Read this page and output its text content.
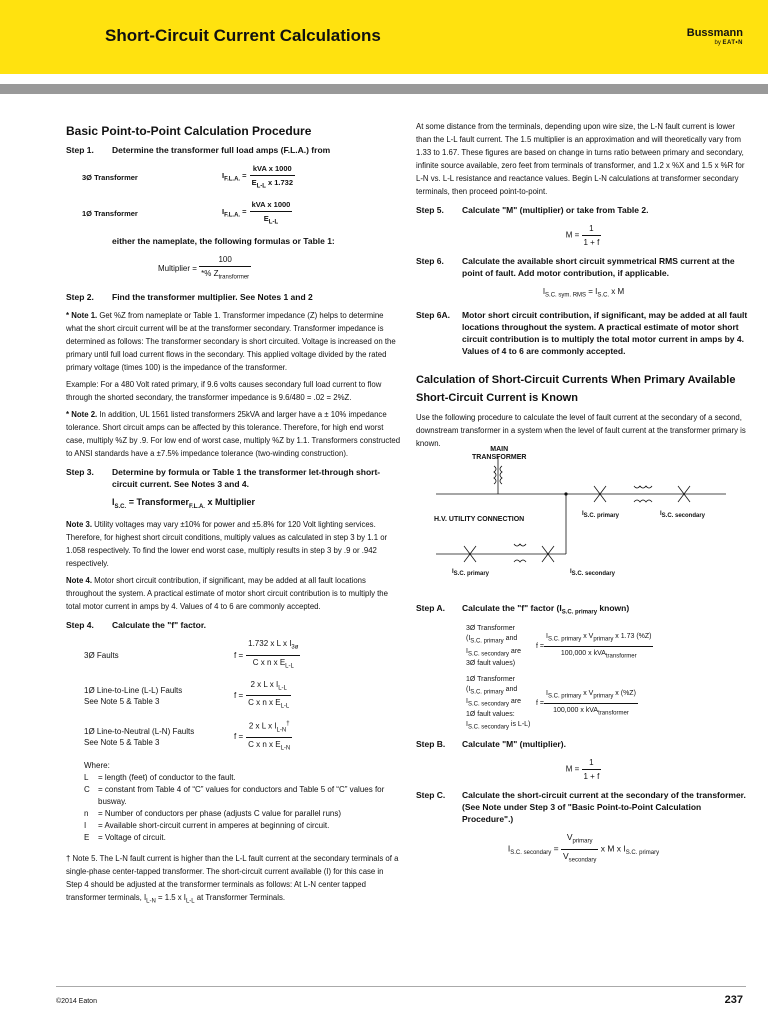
Short-Circuit Current Calculations	Bussmann
by EAT•N
Basic Point-to-Point Calculation Procedure
Step 1.	Determine the transformer full load amps (F.L.A.) from
3Ø Transformer	$I_{F.L.A.} = \frac{\text{kVA x 1000}}{E_{L-L} x 1.732}$
1Ø Transformer	$I_{F.L.A.} = \frac{\text{kVA x 1000}}{E_{L-L}}$
either the nameplate, the following formulas or Table 1:
Multiplier = $\frac{100}{*\% Z_{transformer}}$
Step 2.	Find the transformer multiplier. See Notes 1 and 2
* Note 1. Get %Z from nameplate or Table 1. Transformer impedance (Z) helps to determine what the short circuit current will be at the transformer secondary. Transformer impedance is determined as follows: The transformer secondary is short circuited. Voltage is increased on the primary until full load current flows in the secondary. This applied voltage divided by the rated primary voltage (times 100) is the impedance of the transformer.
Example: For a 480 Volt rated primary, if 9.6 volts causes secondary full load current to flow through the shorted secondary, the transformer impedance is 9.6/480 = .02 = 2%Z.
* Note 2. In addition, UL 1561 listed transformers 25kVA and larger have a ± 10% impedance tolerance. Short circuit amps can be affected by this tolerance. Therefore, for high end worst case, multiply %Z by .9. For low end of worst case, multiply %Z by 1.1. Transformers constructed to ANSI standards have a ±7.5% impedance tolerance (two-winding construction).
Step 3.	Determine by formula or Table 1 the transformer let-through short-circuit current. See Notes 3 and 4.
$I_{S.C.}$ = Transformer$_{F.L.A.}$ x Multiplier
Note 3. Utility voltages may vary ±10% for power and ±5.8% for 120 Volt lighting services. Therefore, for highest short circuit conditions, multiply values as calculated in step 3 by 1.1 or 1.058 respectively. To find the lower end worst case, multiply results in step 3 by .9 or .942 respectively.
Note 4. Motor short circuit contribution, if significant, may be added at all fault locations throughout the system. A practical estimate of motor short circuit contribution is to multiply the total motor current in amps by 4. Values of 4 to 6 are commonly accepted.
Step 4.	Calculate the "f" factor.
3Ø Faults	$f = \frac{1.732 x L x I_{3ø}}{C x n x E_{L-L}}$
1Ø Line-to-Line (L-L) Faults
See Note 5 & Table 3
$f = \frac{2 x L x I_{L-L}}{C x n x E_{L-L}}$
1Ø Line-to-Neutral (L-N) Faults
See Note 5 & Table 3
$f = \frac{2 x L x I_{L-N}^\dagger}{C x n x E_{L-N}}$
Where:
L	= length (feet) of conductor to the fault.
C	= constant from Table 4 of “C” values for conductors and Table 5 of “C” values for busway.
n	= Number of conductors per phase (adjusts C value for parallel runs)
I	= Available short-circuit current in amperes at beginning of circuit.
E	= Voltage of circuit.
† Note 5. The L-N fault current is higher than the L-L fault current at the secondary terminals of a single-phase center-tapped transformer. The short-circuit current available (I) for this case in Step 4 should be adjusted at the transformer terminals as follows: At L-N center tapped transformer terminals, $I_{L-N} = 1.5$ x $I_{L-L}$ at Transformer Terminals.
At some distance from the terminals, depending upon wire size, the L-N fault current is lower than the L-L fault current. The 1.5 multiplier is an approximation and will theoretically vary from 1.33 to 1.67. These figures are based on change in turns ratio between primary and secondary, infinite source available, zero feet from terminals of transformer, and 1.2 x %X and 1.5 x %R for L-N vs. L-L resistance and reactance values. Begin L-N calculations at transformer secondary terminals, then proceed point-to-point.
Step 5.	Calculate "M" (multiplier) or take from Table 2.
$M = \frac{1}{1 + f}$
Step 6.	Calculate the available short circuit symmetrical RMS current at the point of fault. Add motor contribution, if applicable.
$I_{S.C. sym. RMS} = I_{S.C.}$ x M
Step 6A.	Motor short circuit contribution, if significant, may be added at all fault locations throughout the system. A practical estimate of motor short circuit contribution is to multiply the total motor current in amps by 4. Values of 4 to 6 are commonly accepted.
Calculation of Short-Circuit Currents When Primary Available Short-Circuit Current is Known
Use the following procedure to calculate the level of fault current at the secondary of a second, downstream transformer in a system when the level of fault current at the transformer primary is known.
MAIN
TRANSFORMER
H.V. UTILITY CONNECTION
$I_{S.C. primary}$	$I_{S.C. secondary}$
$I_{S.C. primary}$	$I_{S.C. secondary}$
Step A.	Calculate the "f" factor ($I_{S.C. primary}$ known)
3Ø Transformer
($I_{S.C. primary}$ and
$I_{S.C. secondary}$ are
3Ø fault values)
$f = \frac{I_{S.C. primary} x V_{primary} x 1.73 (\%Z)}{100,000 x kVA_{transformer}}$
1Ø Transformer
($I_{S.C. primary}$ and
$I_{S.C. secondary}$ are
1Ø fault values:
$I_{S.C. secondary}$ is L-L)
$f = \frac{I_{S.C. primary} x V_{primary} x (\%Z)}{100,000 x kVA_{transformer}}$
Step B.	Calculate "M" (multiplier).
$M = \frac{1}{1 + f}$
Step C.	Calculate the short-circuit current at the secondary of the transformer. (See Note under Step 3 of "Basic Point-to-Point Calculation Procedure".)
$I_{S.C. secondary} = \frac{V_{primary}}{V_{secondary}}$ x M x $I_{S.C. primary}$
©2014 Eaton	237
